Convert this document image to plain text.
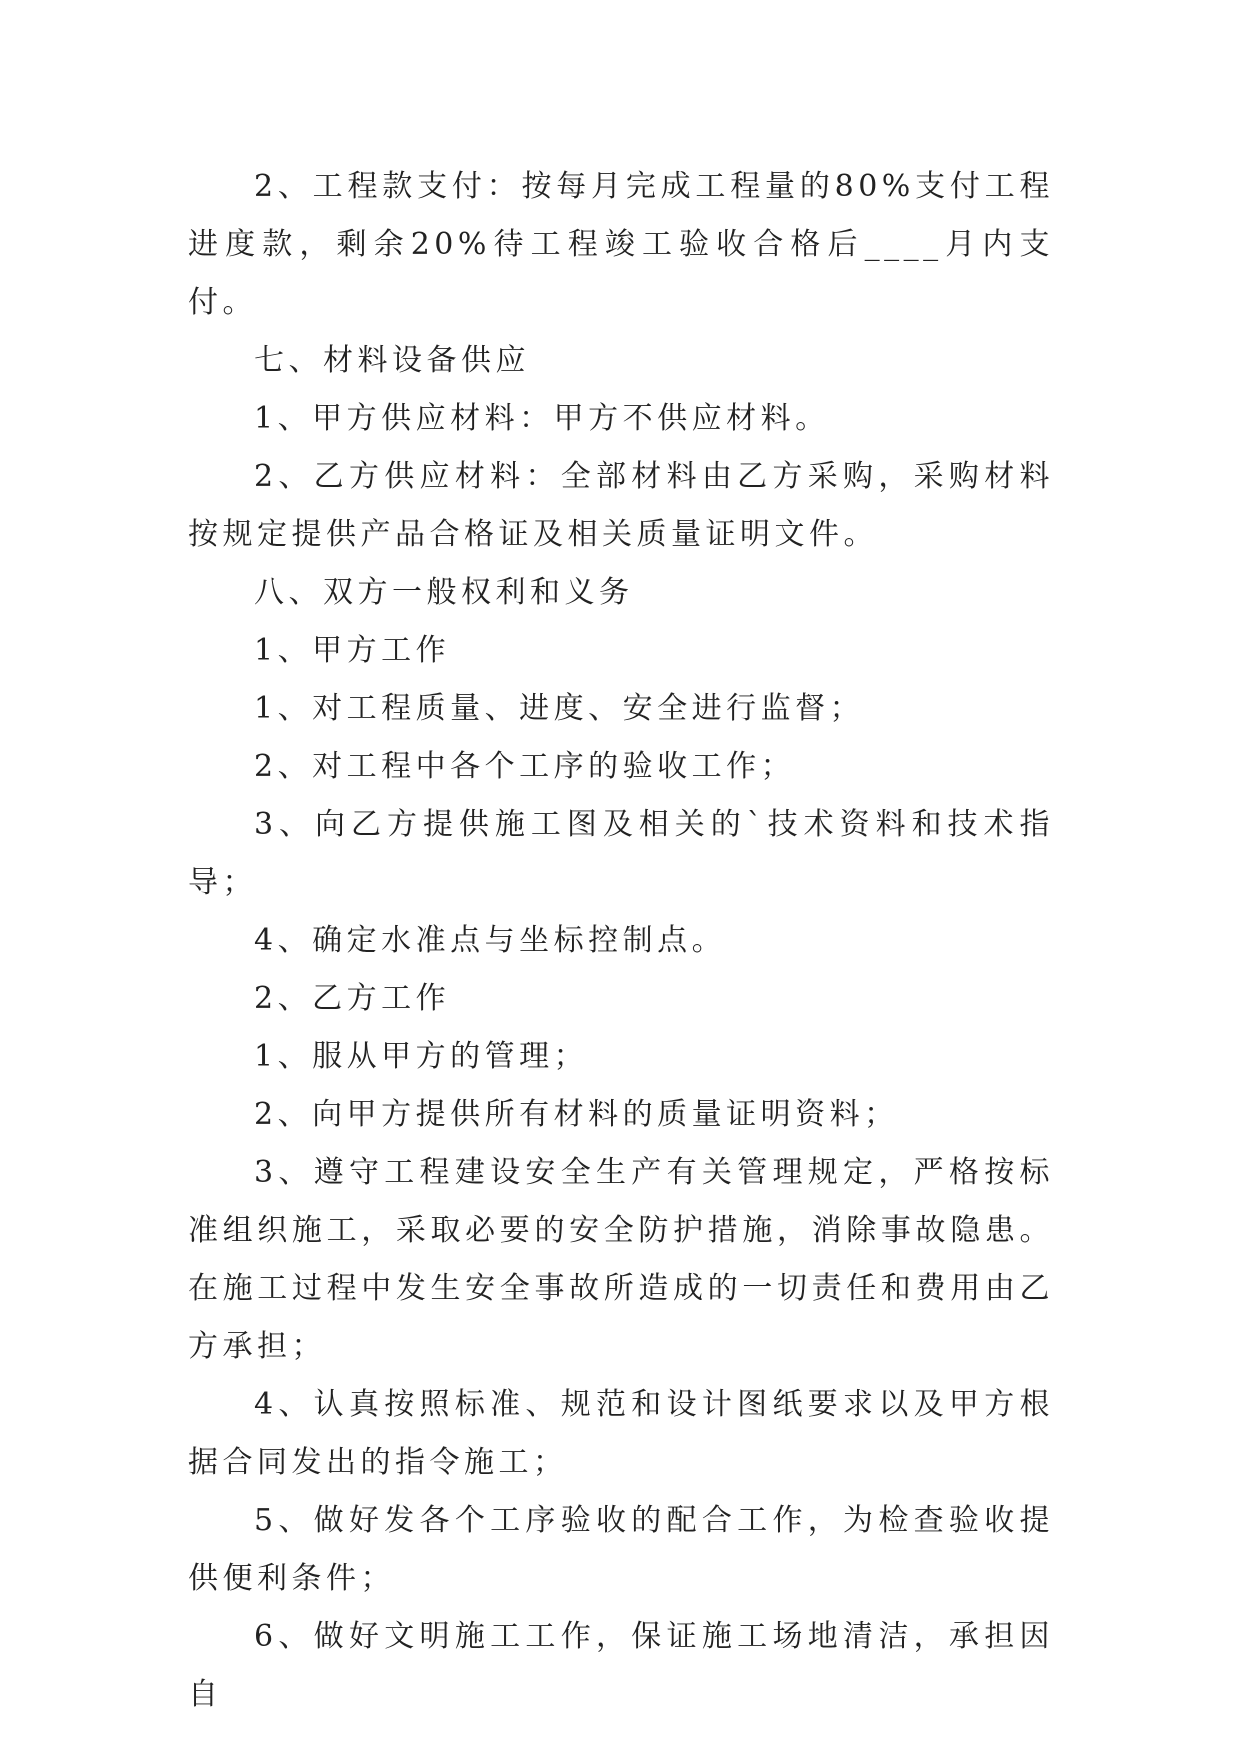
2、工程款支付：按每月完成工程量的80%支付工程进度款，剩余20%待工程竣工验收合格后____月内支付。

七、材料设备供应

1、甲方供应材料：甲方不供应材料。

2、乙方供应材料：全部材料由乙方采购，采购材料按规定提供产品合格证及相关质量证明文件。

八、双方一般权利和义务

1、甲方工作

1、对工程质量、进度、安全进行监督；

2、对工程中各个工序的验收工作；

3、向乙方提供施工图及相关的`技术资料和技术指导；

4、确定水准点与坐标控制点。

2、乙方工作

1、服从甲方的管理；

2、向甲方提供所有材料的质量证明资料；

3、遵守工程建设安全生产有关管理规定，严格按标准组织施工，采取必要的安全防护措施，消除事故隐患。在施工过程中发生安全事故所造成的一切责任和费用由乙方承担；

4、认真按照标准、规范和设计图纸要求以及甲方根据合同发出的指令施工；

5、做好发各个工序验收的配合工作，为检查验收提供便利条件；

6、做好文明施工工作，保证施工场地清洁，承担因自
